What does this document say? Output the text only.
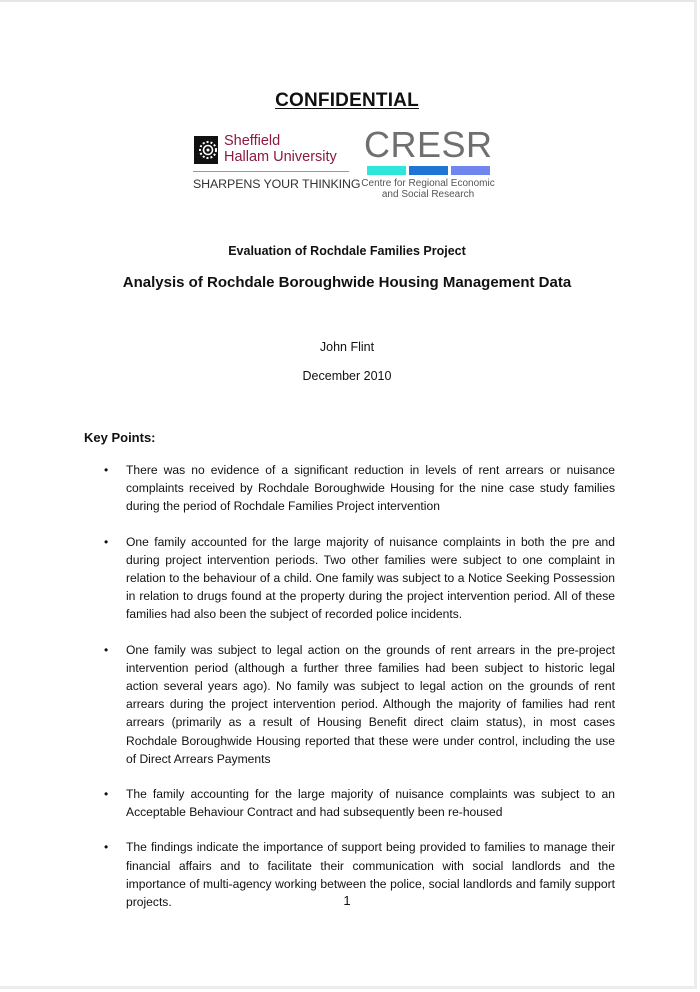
CONFIDENTIAL
Sheffield
Hallam University
SHARPENS YOUR THINKING
CRESR
Centre for Regional Economic
and Social Research
Evaluation of Rochdale Families Project
Analysis of Rochdale Boroughwide Housing Management Data
John Flint
December 2010
Key Points:
• There was no evidence of a significant reduction in levels of rent arrears or nuisance complaints received by Rochdale Boroughwide Housing for the nine case study families during the period of Rochdale Families Project intervention
• One family accounted for the large majority of nuisance complaints in both the pre and during project intervention periods. Two other families were subject to one complaint in relation to the behaviour of a child. One family was subject to a Notice Seeking Possession in relation to drugs found at the property during the project intervention period. All of these families had also been the subject of recorded police incidents.
• One family was subject to legal action on the grounds of rent arrears in the pre-project intervention period (although a further three families had been subject to historic legal action several years ago). No family was subject to legal action on the grounds of rent arrears during the project intervention period. Although the majority of families had rent arrears (primarily as a result of Housing Benefit direct claim status), in most cases Rochdale Boroughwide Housing reported that these were under control, including the use of Direct Arrears Payments
• The family accounting for the large majority of nuisance complaints was subject to an Acceptable Behaviour Contract and had subsequently been re-housed
• The findings indicate the importance of support being provided to families to manage their financial affairs and to facilitate their communication with social landlords and the importance of multi-agency working between the police, social landlords and family support projects.	1
